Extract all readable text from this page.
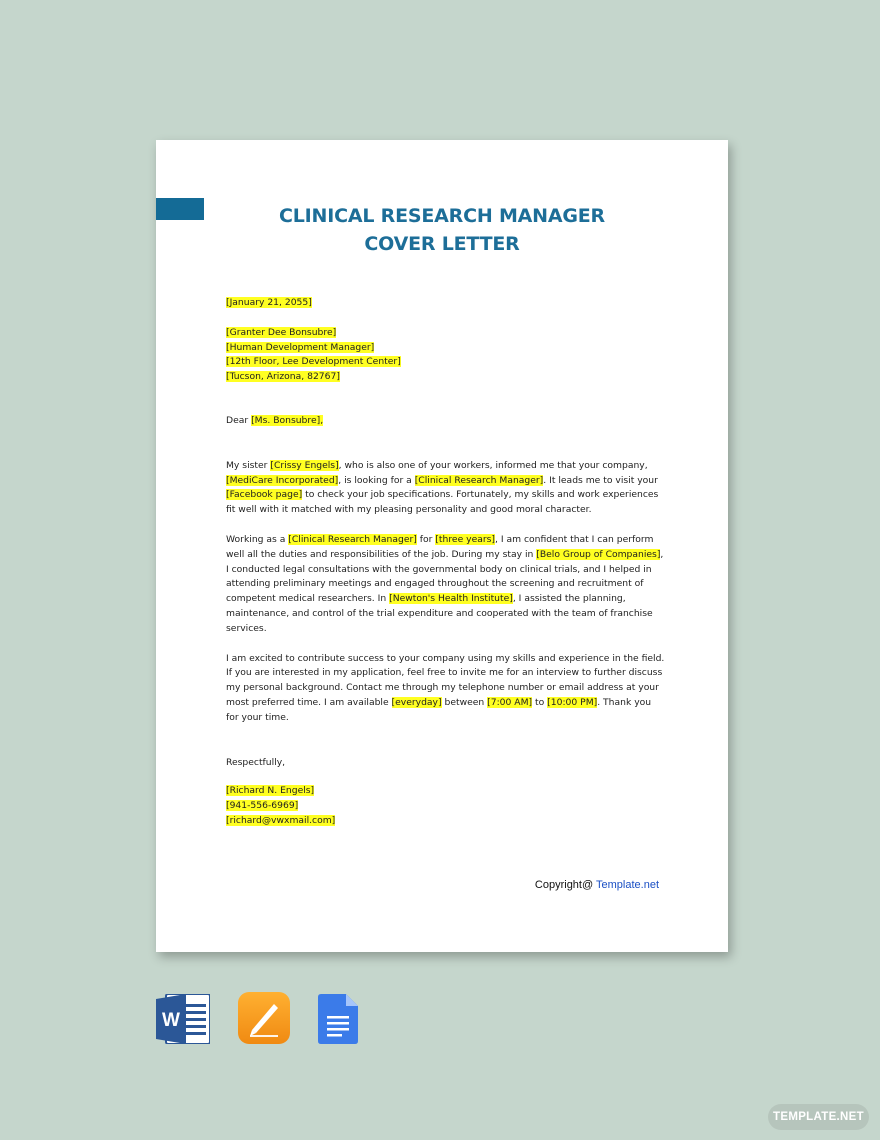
CLINICAL RESEARCH MANAGER
COVER LETTER

[January 21, 2055]

[Granter Dee Bonsubre]

[Human Development Manager]

[12th Floor, Lee Development Center]

[Tucson, Arizona, 82767]

Dear [Ms. Bonsubre],

My sister [Crissy Engels], who is also one of your workers, informed me that your company, [MediCare Incorporated], is looking for a [Clinical Research Manager]. It leads me to visit your [Facebook page] to check your job specifications. Fortunately, my skills and work experiences fit well with it matched with my pleasing personality and good moral character.

Working as a [Clinical Research Manager] for [three years], I am confident that I can perform well all the duties and responsibilities of the job. During my stay in [Belo Group of Companies], I conducted legal consultations with the governmental body on clinical trials, and I helped in attending preliminary meetings and engaged throughout the screening and recruitment of competent medical researchers. In [Newton's Health Institute], I assisted the planning, maintenance, and control of the trial expenditure and cooperated with the team of franchise services.

I am excited to contribute success to your company using my skills and experience in the field. If you are interested in my application, feel free to invite me for an interview to further discuss my personal background. Contact me through my telephone number or email address at your most preferred time. I am available [everyday] between [7:00 AM] to [10:00 PM]. Thank you for your time.

Respectfully,

[Richard N. Engels]

[941-556-6969]

[richard@vwxmail.com]

Copyright@ Template.net
W
TEMPLATE.NET
